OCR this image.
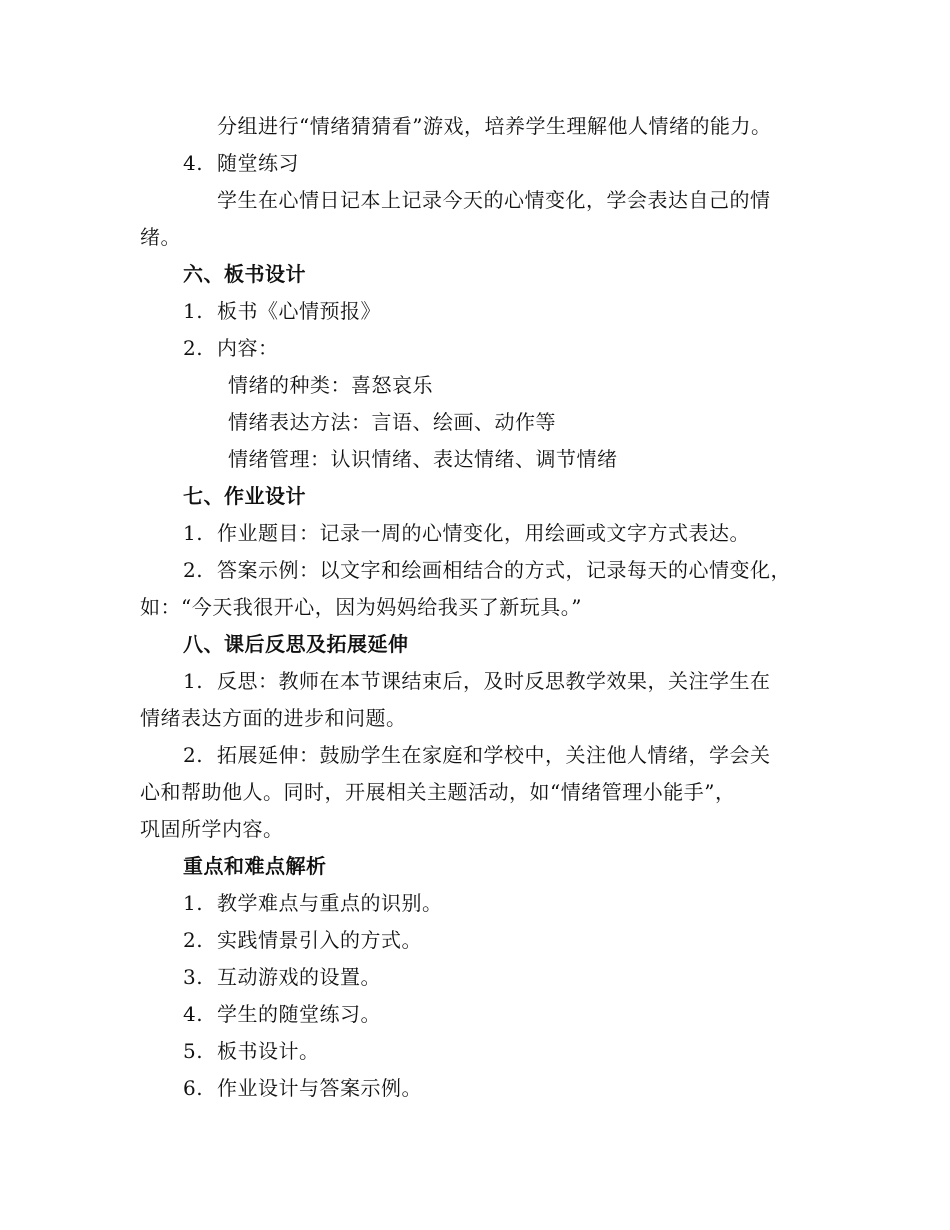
分组进行“情绪猜猜看”游戏，培养学生理解他人情绪的能力。
4. 随堂练习
学生在心情日记本上记录今天的心情变化，学会表达自己的情
绪。
六、板书设计
1. 板书《心情预报》
2. 内容：
情绪的种类：喜怒哀乐
情绪表达方法：言语、绘画、动作等
情绪管理：认识情绪、表达情绪、调节情绪
七、作业设计
1. 作业题目：记录一周的心情变化，用绘画或文字方式表达。
2. 答案示例：以文字和绘画相结合的方式，记录每天的心情变化，
如：“今天我很开心，因为妈妈给我买了新玩具。”
八、课后反思及拓展延伸
1. 反思：教师在本节课结束后，及时反思教学效果，关注学生在
情绪表达方面的进步和问题。
2. 拓展延伸：鼓励学生在家庭和学校中，关注他人情绪，学会关
心和帮助他人。同时，开展相关主题活动，如“情绪管理小能手”，
巩固所学内容。
重点和难点解析
1. 教学难点与重点的识别。
2. 实践情景引入的方式。
3. 互动游戏的设置。
4. 学生的随堂练习。
5. 板书设计。
6. 作业设计与答案示例。
